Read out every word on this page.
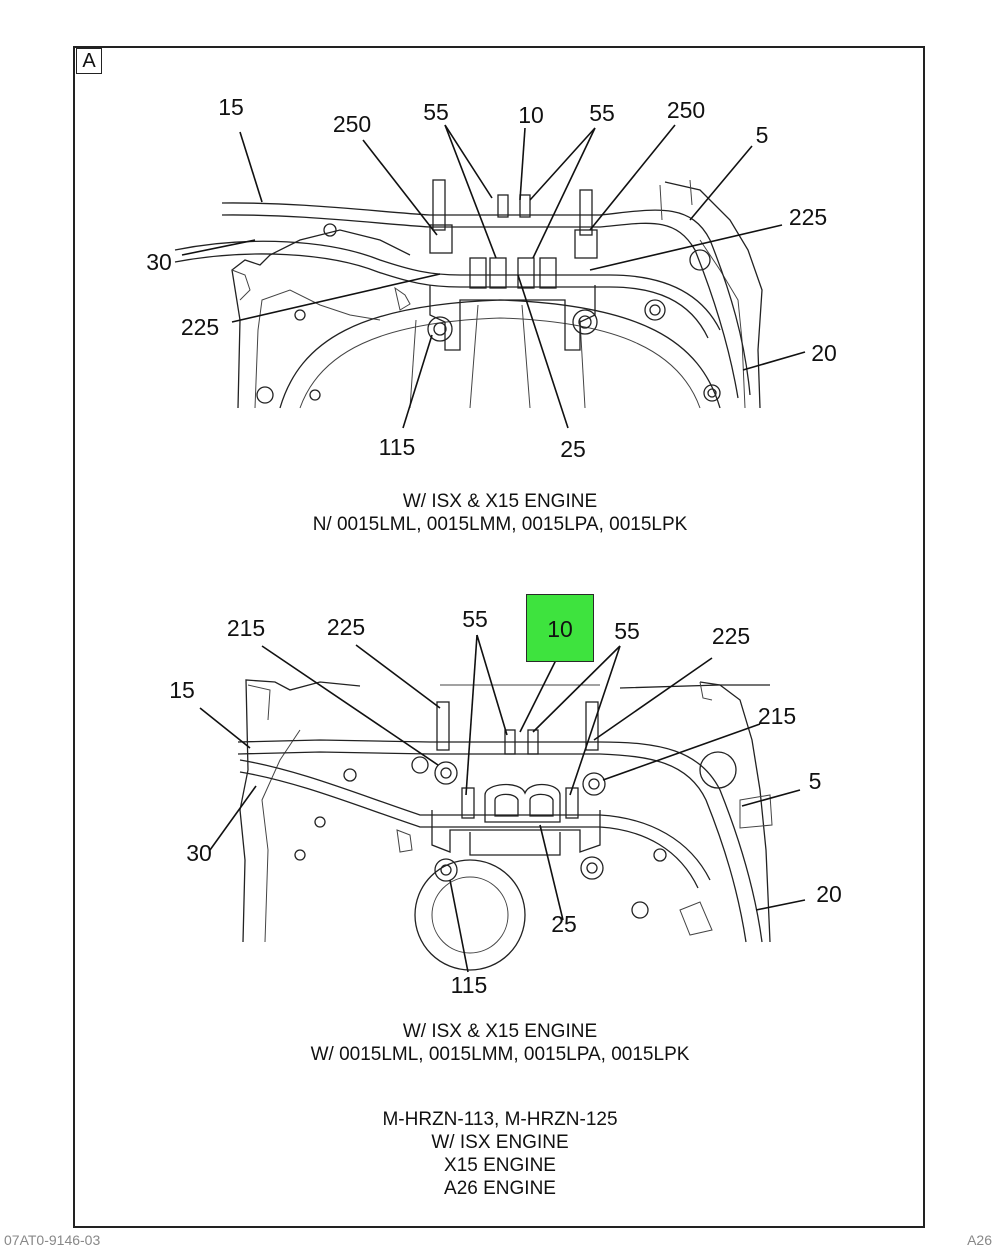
A
15
250 55	10 55 250
5
225
30
225
20
115	25
W/ ISX & X15 ENGINE
N/ 0015LML, 0015LMM, 0015LPA, 0015LPK
215	225	55	55	225
15
215
5
30
20
25
115
10
W/ ISX & X15 ENGINE
W/ 0015LML, 0015LMM, 0015LPA, 0015LPK
M-HRZN-113, M-HRZN-125
W/ ISX ENGINE
X15 ENGINE
A26 ENGINE
07AT0-9146-03	A26
